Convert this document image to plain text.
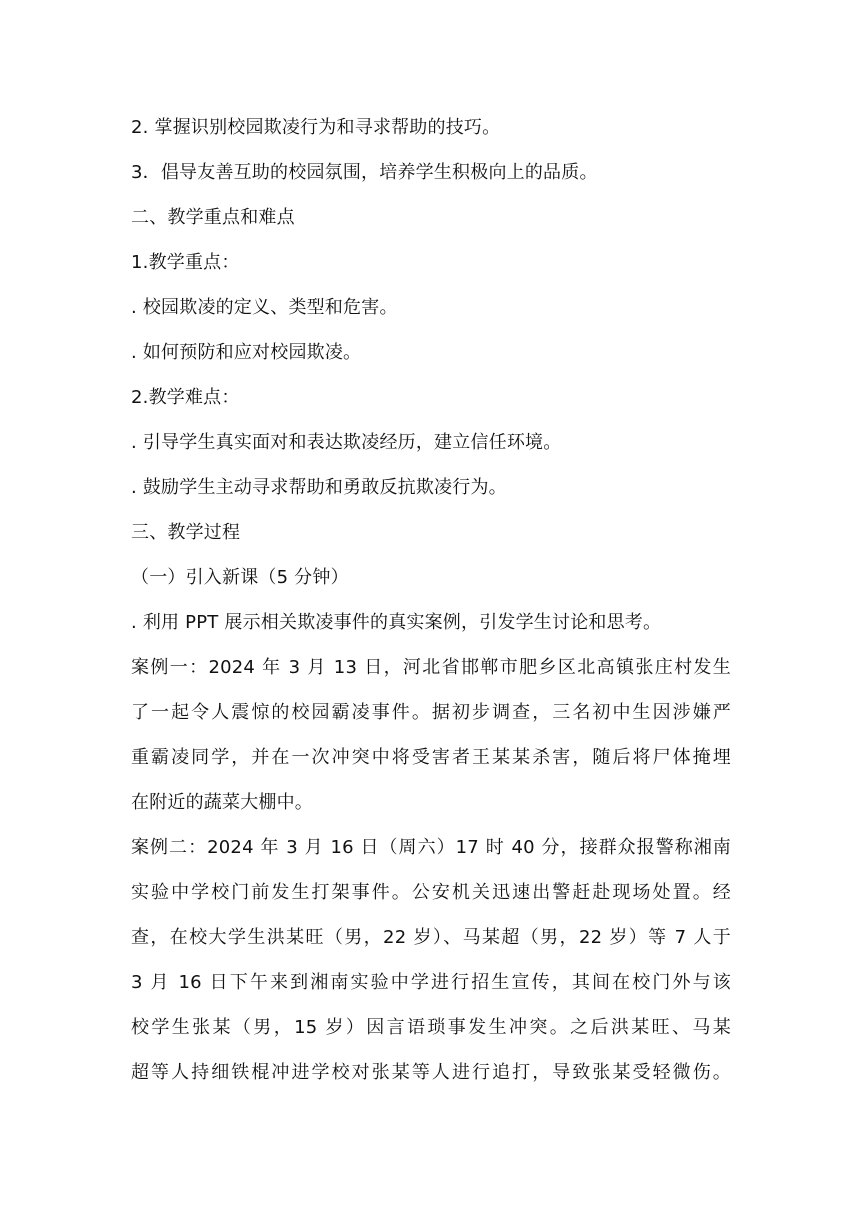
2. 掌握识别校园欺凌行为和寻求帮助的技巧。
3．倡导友善互助的校园氛围，培养学生积极向上的品质。
二、教学重点和难点
1.教学重点：
. 校园欺凌的定义、类型和危害。
. 如何预防和应对校园欺凌。
2.教学难点：
. 引导学生真实面对和表达欺凌经历，建立信任环境。
. 鼓励学生主动寻求帮助和勇敢反抗欺凌行为。
三、教学过程
（一）引入新课（5 分钟）
. 利用 PPT 展示相关欺凌事件的真实案例，引发学生讨论和思考。
案例一：2024 年 3 月 13 日，河北省邯郸市肥乡区北高镇张庄村发生
了一起令人震惊的校园霸凌事件。据初步调查，三名初中生因涉嫌严
重霸凌同学，并在一次冲突中将受害者王某某杀害，随后将尸体掩埋
在附近的蔬菜大棚中。
案例二：2024 年 3 月 16 日（周六）17 时 40 分，接群众报警称湘南
实验中学校门前发生打架事件。公安机关迅速出警赶赴现场处置。经
查，在校大学生洪某旺（男，22 岁）、马某超（男，22 岁）等 7 人于
3 月 16 日下午来到湘南实验中学进行招生宣传，其间在校门外与该
校学生张某（男，15 岁）因言语琐事发生冲突。之后洪某旺、马某
超等人持细铁棍冲进学校对张某等人进行追打，导致张某受轻微伤。
